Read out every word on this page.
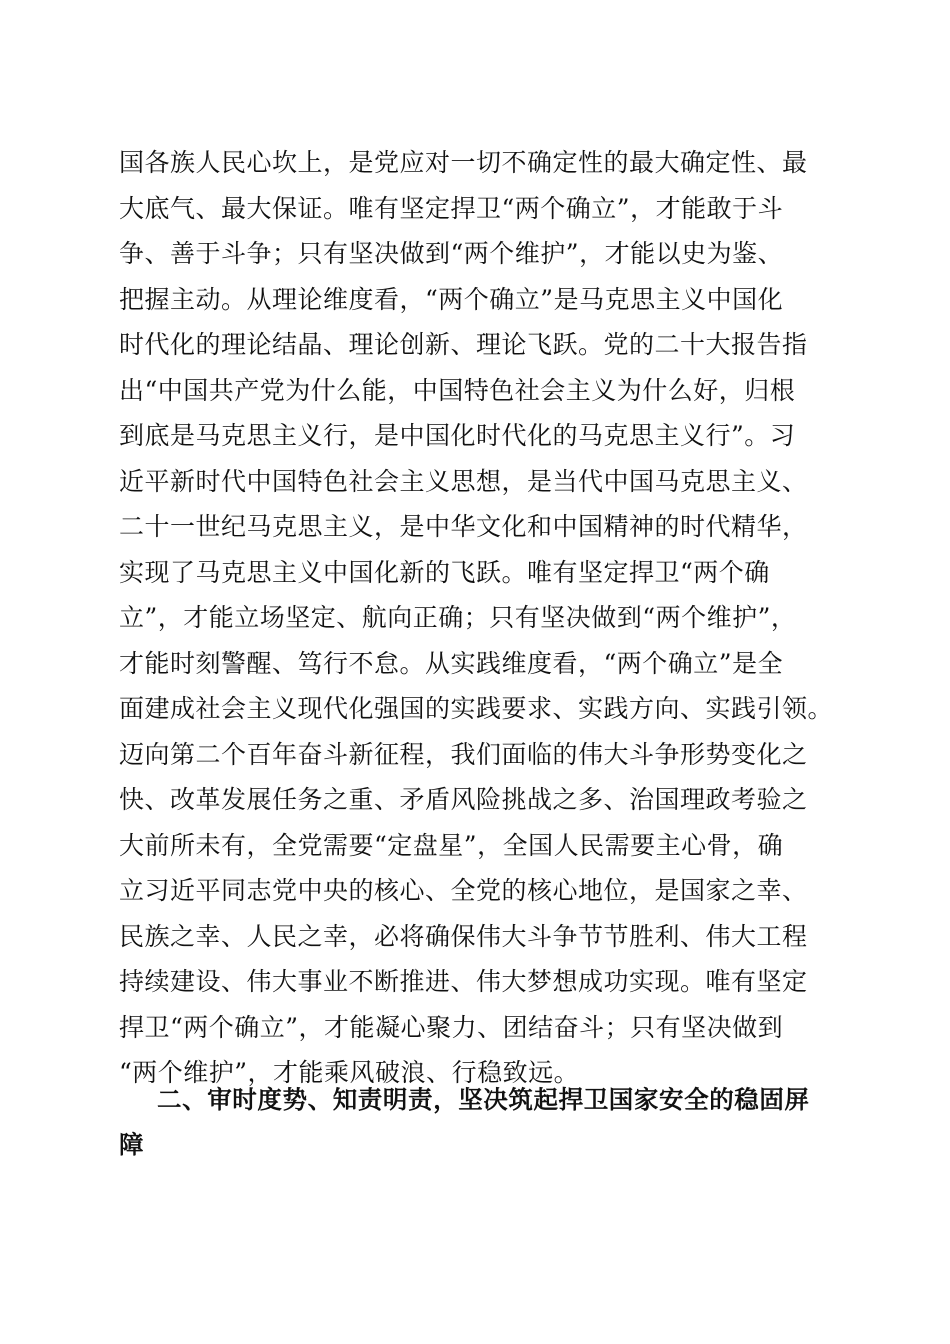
国各族人民心坎上，是党应对一切不确定性的最大确定性、最
大底气、最大保证。唯有坚定捍卫“两个确立”，才能敢于斗
争、善于斗争；只有坚决做到“两个维护”，才能以史为鉴、
把握主动。从理论维度看，“两个确立”是马克思主义中国化
时代化的理论结晶、理论创新、理论飞跃。党的二十大报告指
出“中国共产党为什么能，中国特色社会主义为什么好，归根
到底是马克思主义行，是中国化时代化的马克思主义行”。习
近平新时代中国特色社会主义思想，是当代中国马克思主义、
二十一世纪马克思主义，是中华文化和中国精神的时代精华，
实现了马克思主义中国化新的飞跃。唯有坚定捍卫“两个确
立”，才能立场坚定、航向正确；只有坚决做到“两个维护”，
才能时刻警醒、笃行不怠。从实践维度看，“两个确立”是全
面建成社会主义现代化强国的实践要求、实践方向、实践引领。
迈向第二个百年奋斗新征程，我们面临的伟大斗争形势变化之
快、改革发展任务之重、矛盾风险挑战之多、治国理政考验之
大前所未有，全党需要“定盘星”，全国人民需要主心骨，确
立习近平同志党中央的核心、全党的核心地位，是国家之幸、
民族之幸、人民之幸，必将确保伟大斗争节节胜利、伟大工程
持续建设、伟大事业不断推进、伟大梦想成功实现。唯有坚定
捍卫“两个确立”，才能凝心聚力、团结奋斗；只有坚决做到
“两个维护”，才能乘风破浪、行稳致远。
二、审时度势、知责明责，坚决筑起捍卫国家安全的稳固屏
障
